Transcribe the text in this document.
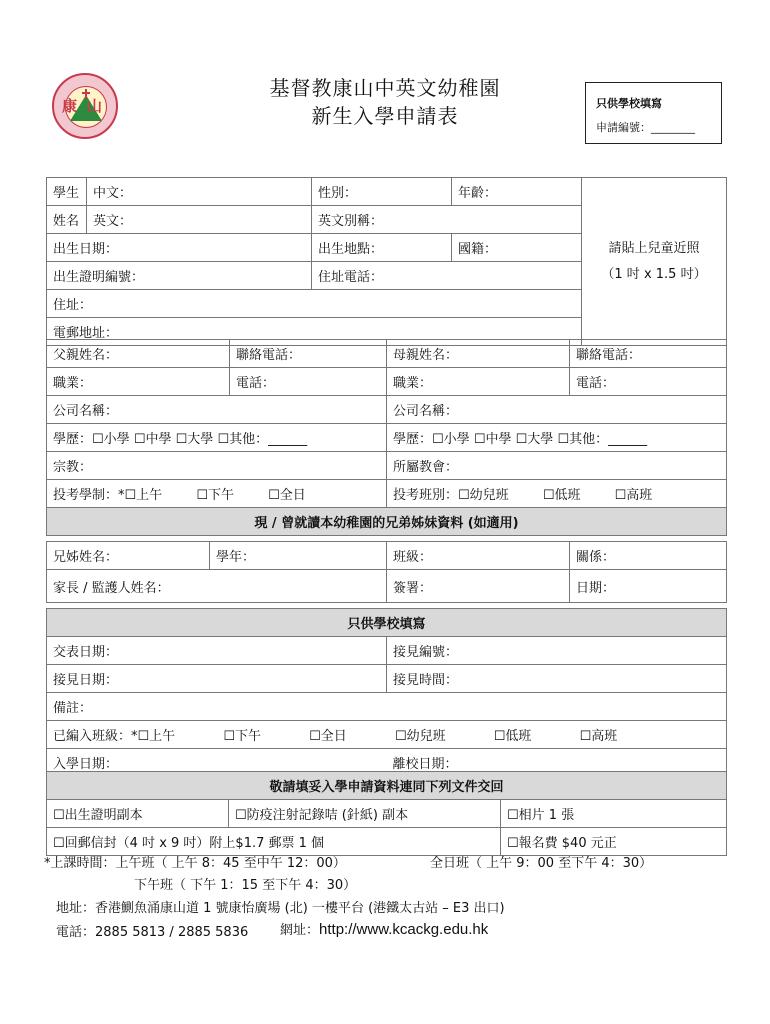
康山
基督教康山中英文幼稚園
新生入學申請表
只供學校填寫
申請編號：________
學生	中文：	性別：	年齡：	請貼上兒童近照
（1 吋 x 1.5 吋）

姓名	英文：	英文別稱：		
出生日期：		出生地點：	國籍：	
出生證明編號：		住址電話：		
住址：				
電郵地址：				
父親姓名：	聯絡電話：	母親姓名：	聯絡電話：
職業：	電話：	職業：	電話：
公司名稱：		公司名稱：	
學歷： ☐ 小學 ☐ 中學 ☐ 大學 ☐ 其他：______		學歷： ☐ 小學 ☐ 中學 ☐ 大學 ☐ 其他：______
宗教：		所屬教會：	
投考學制：* ☐ 上午 ☐ 下午 ☐ 全日		投考班別： ☐ 幼兒班 ☐ 低班 ☐ 高班
現 / 曾就讀本幼稚園的兄弟姊妹資料 (如適用)			
兄姊姓名：	學年：	班級：	關係：
家長 / 監護人姓名：		簽署：	日期：
只供學校填寫	
交表日期：	接見編號：
接見日期：	接見時間：
備註：	
已編入班級：* ☐ 上午 ☐ 下午 ☐ 全日 ☐ 幼兒班 ☐ 低班 ☐ 高班
入學日期：	離校日期：
敬請填妥入學申請資料連同下列文件交回		
☐ 出生證明副本	☐防疫注射記錄咭 (針紙) 副本	☐相片 1 張
☐ 回郵信封（4 吋 x 9 吋）附上$1.7 郵票 1 個	☐報名費 $40 元正
*上課時間：上午班（ 上午 8：45 至中午 12：00）	全日班（ 上午 9：00 至下午 4：30）
下午班（ 下午 1：15 至下午 4：30）
地址：香港鰂魚涌康山道 1 號康怡廣場 (北) 一樓平台 (港鐵太古站 – E3 出口)
電話：2885 5813 / 2885 5836 網址：http://www.kcackg.edu.hk
